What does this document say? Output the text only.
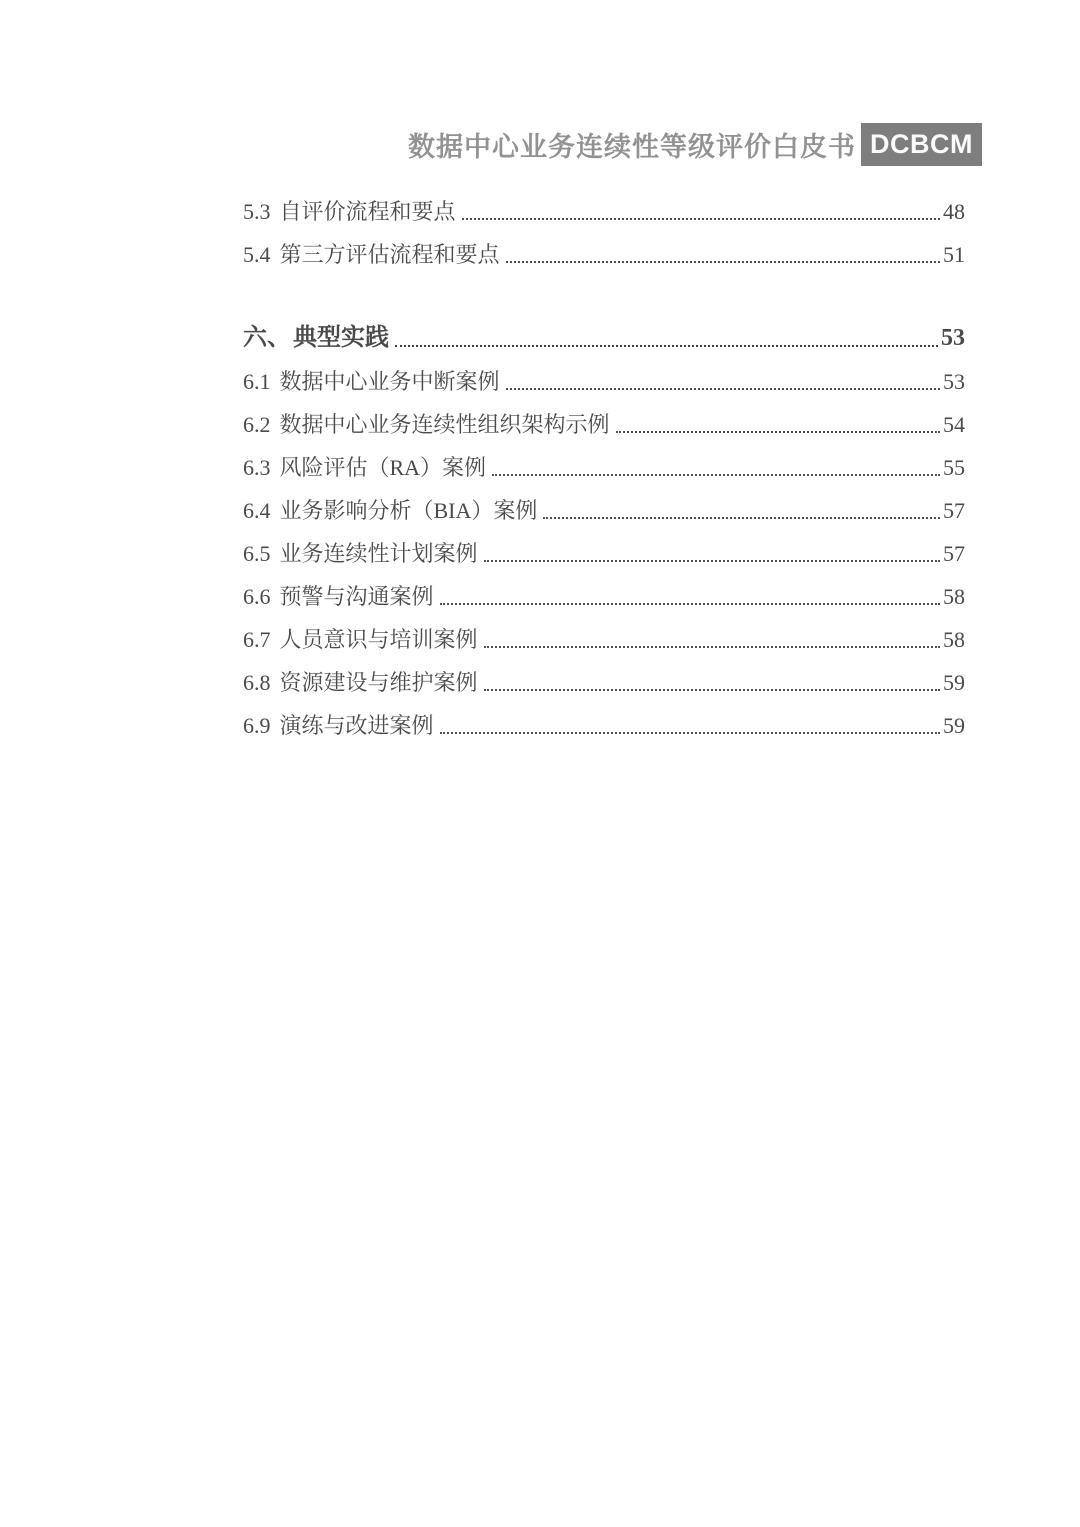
数据中心业务连续性等级评价白皮书 DCBCM
5.3 自评价流程和要点	48
5.4 第三方评估流程和要点	51
六、典型实践	53
6.1 数据中心业务中断案例	53
6.2 数据中心业务连续性组织架构示例	54
6.3 风险评估（RA）案例	55
6.4 业务影响分析（BIA）案例	57
6.5 业务连续性计划案例	57
6.6 预警与沟通案例	58
6.7 人员意识与培训案例	58
6.8 资源建设与维护案例	59
6.9 演练与改进案例	59
